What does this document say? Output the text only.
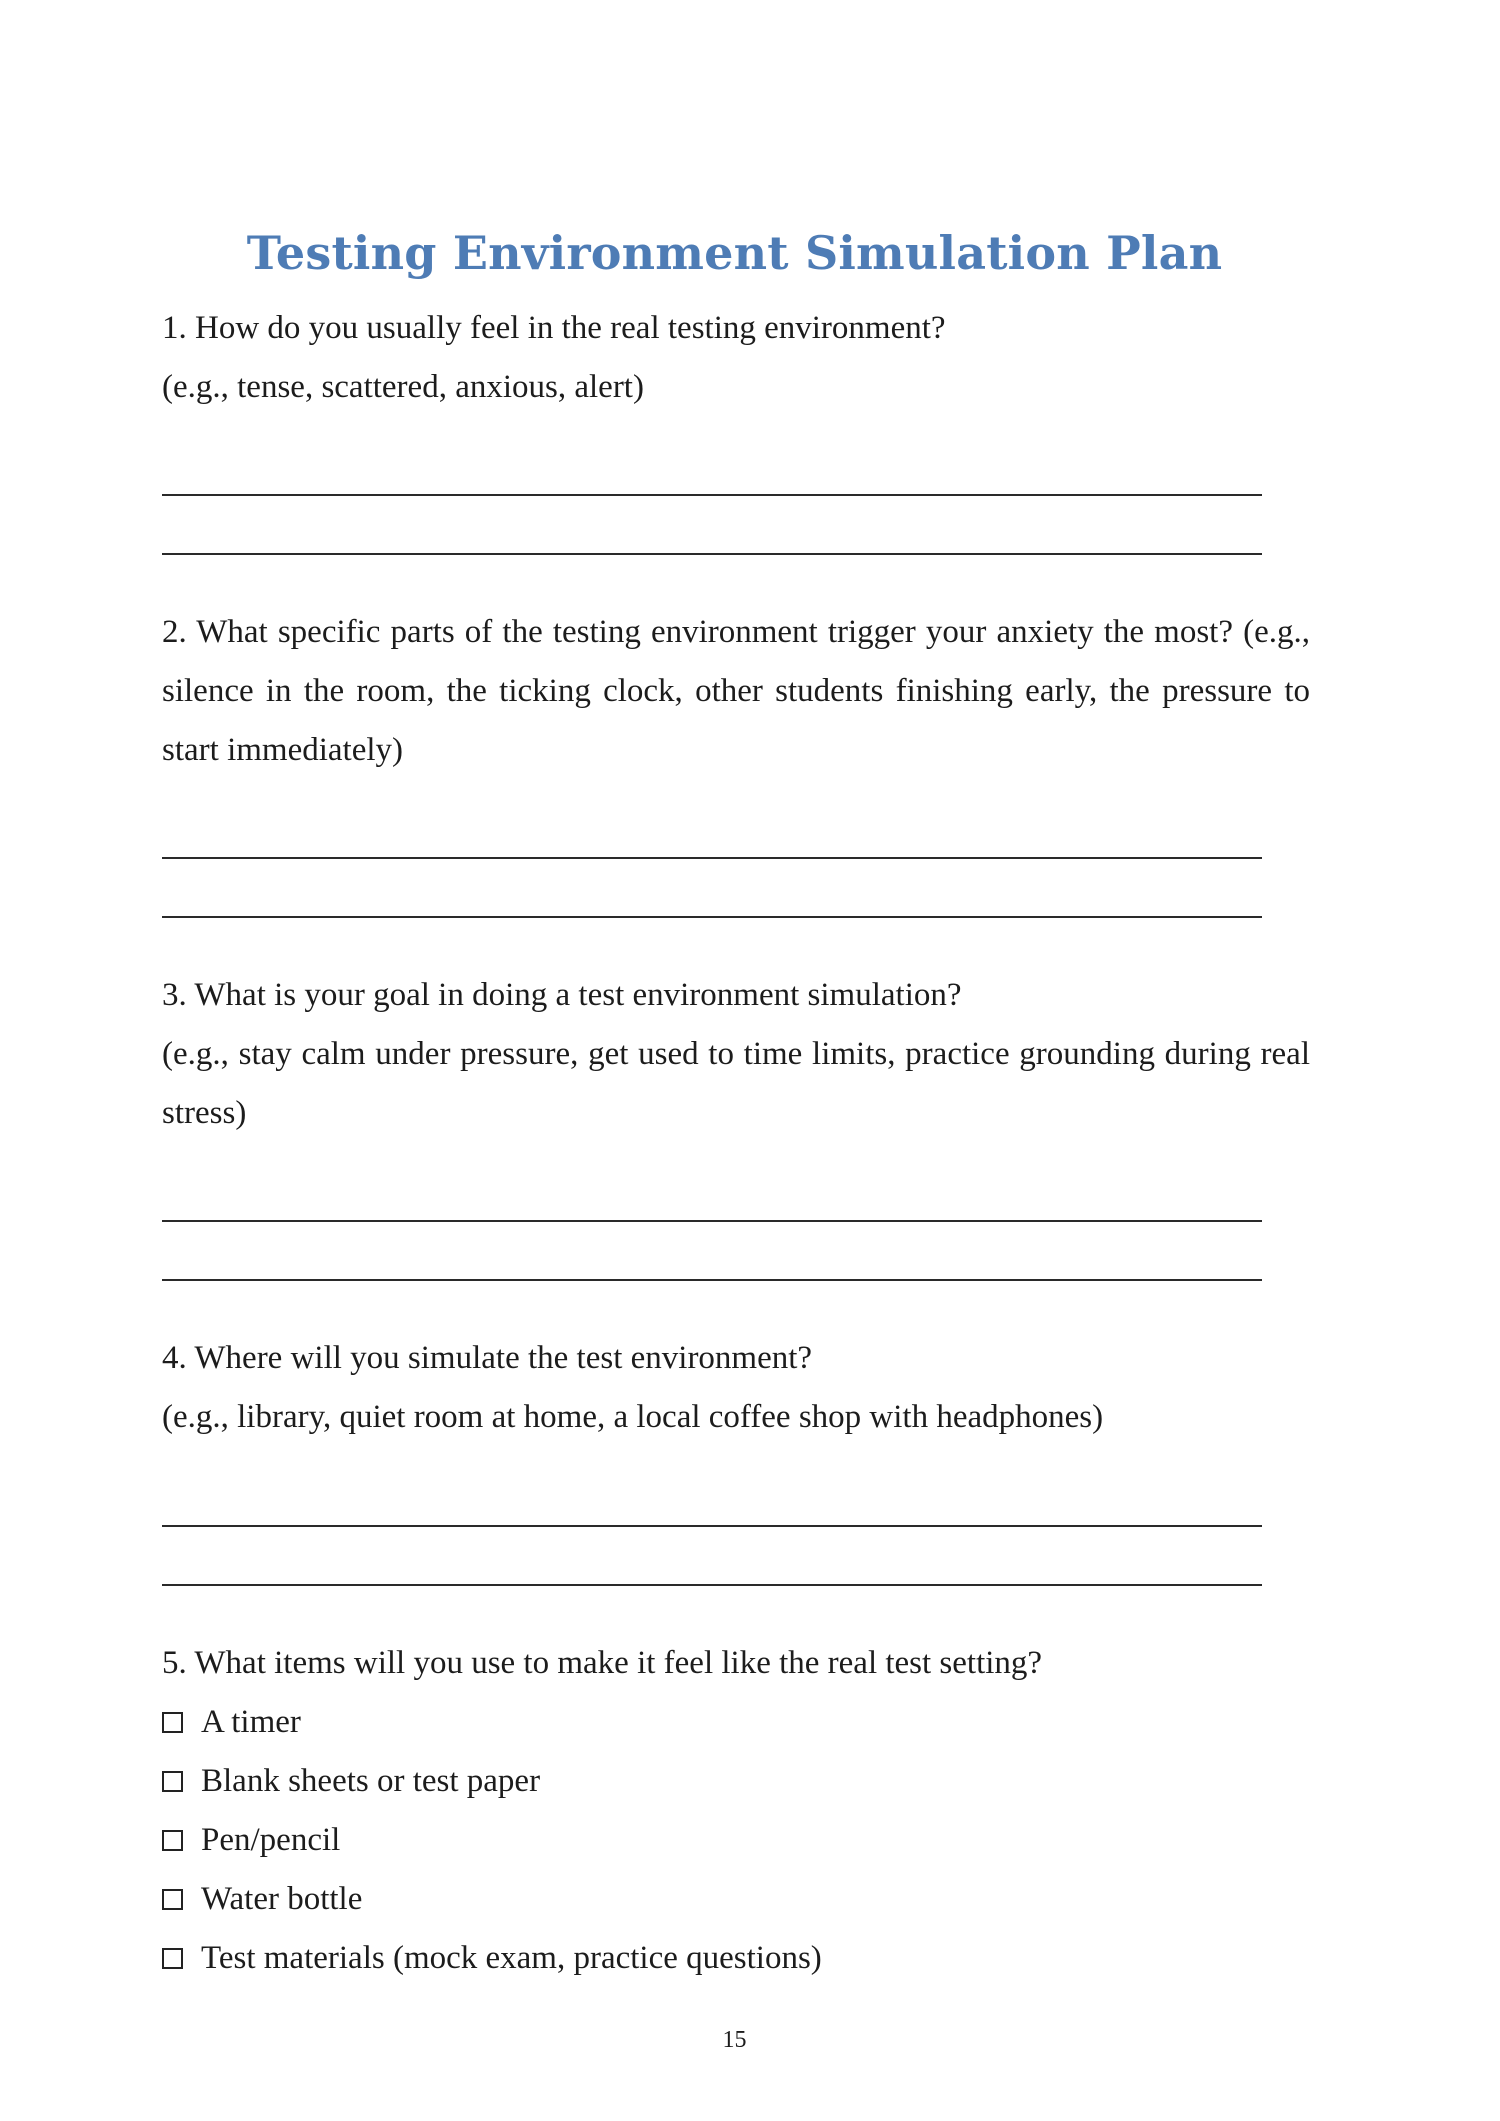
Testing Environment Simulation Plan
1. How do you usually feel in the real testing environment?
(e.g., tense, scattered, anxious, alert)
2. What specific parts of the testing environment trigger your anxiety the most? (e.g., silence in the room, the ticking clock, other students finishing early, the pressure to start immediately)
3. What is your goal in doing a test environment simulation?
(e.g., stay calm under pressure, get used to time limits, practice grounding during real stress)
4. Where will you simulate the test environment?
(e.g., library, quiet room at home, a local coffee shop with headphones)
5. What items will you use to make it feel like the real test setting?
A timer
Blank sheets or test paper
Pen/pencil
Water bottle
Test materials (mock exam, practice questions)
15
